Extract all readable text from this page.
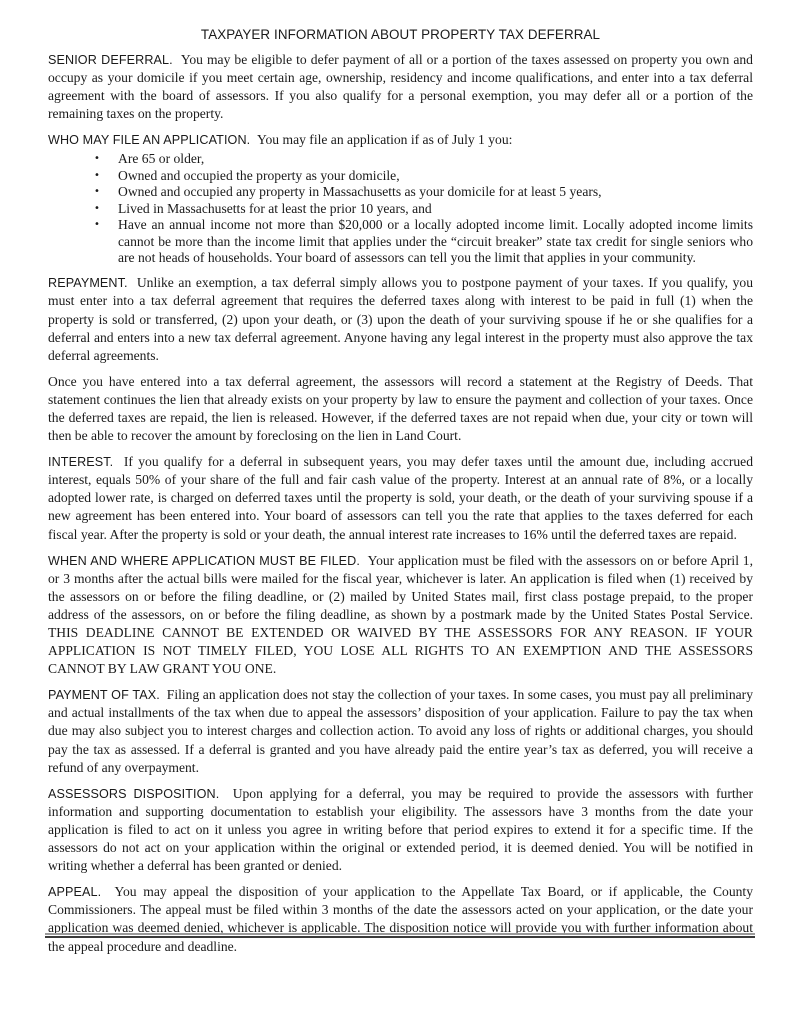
TAXPAYER INFORMATION ABOUT PROPERTY TAX DEFERRAL

SENIOR DEFERRAL. You may be eligible to defer payment of all or a portion of the taxes assessed on property you own and occupy as your domicile if you meet certain age, ownership, residency and income qualifications, and enter into a tax deferral agreement with the board of assessors. If you also qualify for a personal exemption, you may defer all or a portion of the remaining taxes on the property.

WHO MAY FILE AN APPLICATION. You may file an application if as of July 1 you:

• Are 65 or older,
• Owned and occupied the property as your domicile,
• Owned and occupied any property in Massachusetts as your domicile for at least 5 years,
• Lived in Massachusetts for at least the prior 10 years, and
• Have an annual income not more than $20,000 or a locally adopted income limit. Locally adopted income limits cannot be more than the income limit that applies under the “circuit breaker” state tax credit for single seniors who are not heads of households. Your board of assessors can tell you the limit that applies in your community.

REPAYMENT. Unlike an exemption, a tax deferral simply allows you to postpone payment of your taxes. If you qualify, you must enter into a tax deferral agreement that requires the deferred taxes along with interest to be paid in full (1) when the property is sold or transferred, (2) upon your death, or (3) upon the death of your surviving spouse if he or she qualifies for a deferral and enters into a new tax deferral agreement. Anyone having any legal interest in the property must also approve the tax deferral agreements.

Once you have entered into a tax deferral agreement, the assessors will record a statement at the Registry of Deeds. That statement continues the lien that already exists on your property by law to ensure the payment and collection of your taxes. Once the deferred taxes are repaid, the lien is released. However, if the deferred taxes are not repaid when due, your city or town will then be able to recover the amount by foreclosing on the lien in Land Court.

INTEREST. If you qualify for a deferral in subsequent years, you may defer taxes until the amount due, including accrued interest, equals 50% of your share of the full and fair cash value of the property. Interest at an annual rate of 8%, or a locally adopted lower rate, is charged on deferred taxes until the property is sold, your death, or the death of your surviving spouse if a new agreement has been entered into. Your board of assessors can tell you the rate that applies to the taxes deferred for each fiscal year. After the property is sold or your death, the annual interest rate increases to 16% until the deferred taxes are repaid.

WHEN AND WHERE APPLICATION MUST BE FILED. Your application must be filed with the assessors on or before April 1, or 3 months after the actual bills were mailed for the fiscal year, whichever is later. An application is filed when (1) received by the assessors on or before the filing deadline, or (2) mailed by United States mail, first class postage prepaid, to the proper address of the assessors, on or before the filing deadline, as shown by a postmark made by the United States Postal Service. THIS DEADLINE CANNOT BE EXTENDED OR WAIVED BY THE ASSESSORS FOR ANY REASON. IF YOUR APPLICATION IS NOT TIMELY FILED, YOU LOSE ALL RIGHTS TO AN EXEMPTION AND THE ASSESSORS CANNOT BY LAW GRANT YOU ONE.

PAYMENT OF TAX. Filing an application does not stay the collection of your taxes. In some cases, you must pay all preliminary and actual installments of the tax when due to appeal the assessors’ disposition of your application. Failure to pay the tax when due may also subject you to interest charges and collection action. To avoid any loss of rights or additional charges, you should pay the tax as assessed. If a deferral is granted and you have already paid the entire year’s tax as deferred, you will receive a refund of any overpayment.

ASSESSORS DISPOSITION. Upon applying for a deferral, you may be required to provide the assessors with further information and supporting documentation to establish your eligibility. The assessors have 3 months from the date your application is filed to act on it unless you agree in writing before that period expires to extend it for a specific time. If the assessors do not act on your application within the original or extended period, it is deemed denied. You will be notified in writing whether a deferral has been granted or denied.

APPEAL. You may appeal the disposition of your application to the Appellate Tax Board, or if applicable, the County Commissioners. The appeal must be filed within 3 months of the date the assessors acted on your application, or the date your application was deemed denied, whichever is applicable. The disposition notice will provide you with further information about the appeal procedure and deadline.
